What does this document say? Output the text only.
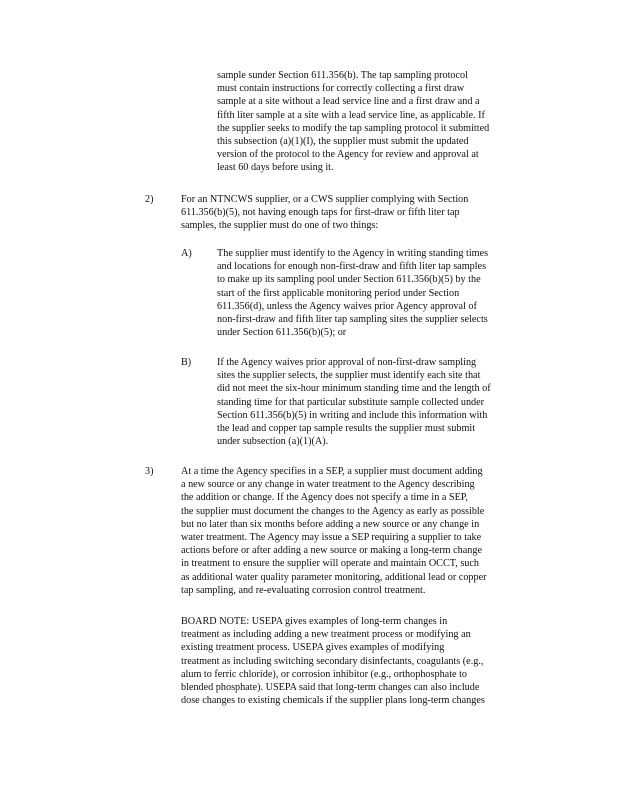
sample sunder Section 611.356(b). The tap sampling protocol
must contain instructions for correctly collecting a first draw
sample at a site without a lead service line and a first draw and a
fifth liter sample at a site with a lead service line, as applicable. If
the supplier seeks to modify the tap sampling protocol it submitted
this subsection (a)(1)(I), the supplier must submit the updated
version of the protocol to the Agency for review and approval at
least 60 days before using it.
2)	For an NTNCWS supplier, or a CWS supplier complying with Section
611.356(b)(5), not having enough taps for first-draw or fifth liter tap
samples, the supplier must do one of two things:
A) The supplier must identify to the Agency in writing standing times
and locations for enough non-first-draw and fifth liter tap samples
to make up its sampling pool under Section 611.356(b)(5) by the
start of the first applicable monitoring period under Section
611.356(d), unless the Agency waives prior Agency approval of
non-first-draw and fifth liter tap sampling sites the supplier selects
under Section 611.356(b)(5); or
B)	If the Agency waives prior approval of non-first-draw sampling
sites the supplier selects, the supplier must identify each site that
did not meet the six-hour minimum standing time and the length of
standing time for that particular substitute sample collected under
Section 611.356(b)(5) in writing and include this information with
the lead and copper tap sample results the supplier must submit
under subsection (a)(1)(A).
3)	At a time the Agency specifies in a SEP, a supplier must document adding
a new source or any change in water treatment to the Agency describing
the addition or change. If the Agency does not specify a time in a SEP,
the supplier must document the changes to the Agency as early as possible
but no later than six months before adding a new source or any change in
water treatment. The Agency may issue a SEP requiring a supplier to take
actions before or after adding a new source or making a long-term change
in treatment to ensure the supplier will operate and maintain OCCT, such
as additional water quality parameter monitoring, additional lead or copper
tap sampling, and re-evaluating corrosion control treatment.
BOARD NOTE: USEPA gives examples of long-term changes in
treatment as including adding a new treatment process or modifying an
existing treatment process. USEPA gives examples of modifying
treatment as including switching secondary disinfectants, coagulants (e.g.,
alum to ferric chloride), or corrosion inhibitor (e.g., orthophosphate to
blended phosphate). USEPA said that long-term changes can also include
dose changes to existing chemicals if the supplier plans long-term changes
